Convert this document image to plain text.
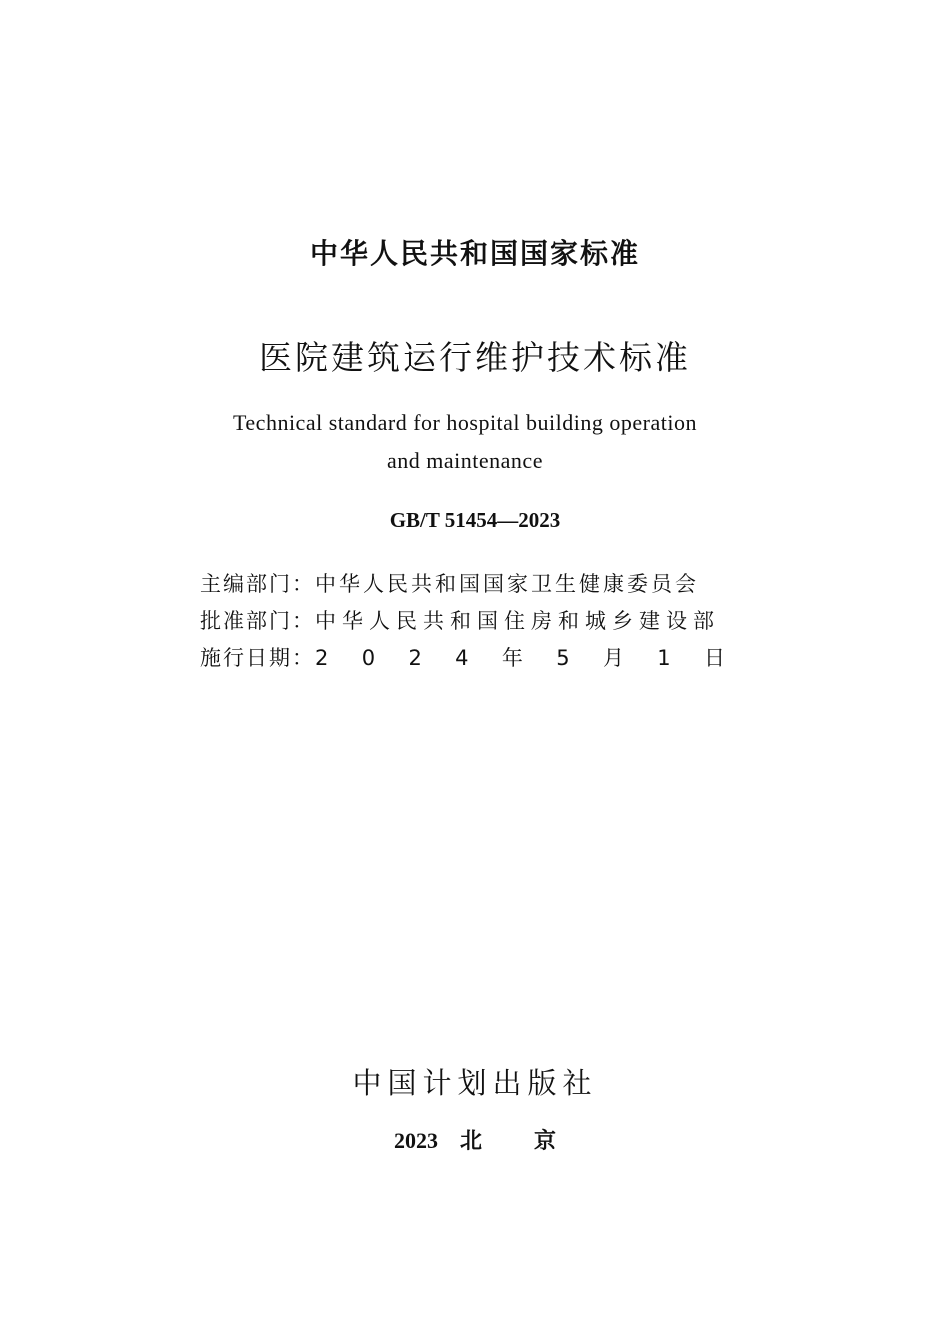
中华人民共和国国家标准
医院建筑运行维护技术标准
Technical standard for hospital building operation
and maintenance
GB/T 51454—2023
主编部门：中华人民共和国国家卫生健康委员会
批准部门：中华人民共和国住房和城乡建设部
施行日期： 2 0 2 4 年 5 月 1 日
中国计划出版社
2023 北 京
